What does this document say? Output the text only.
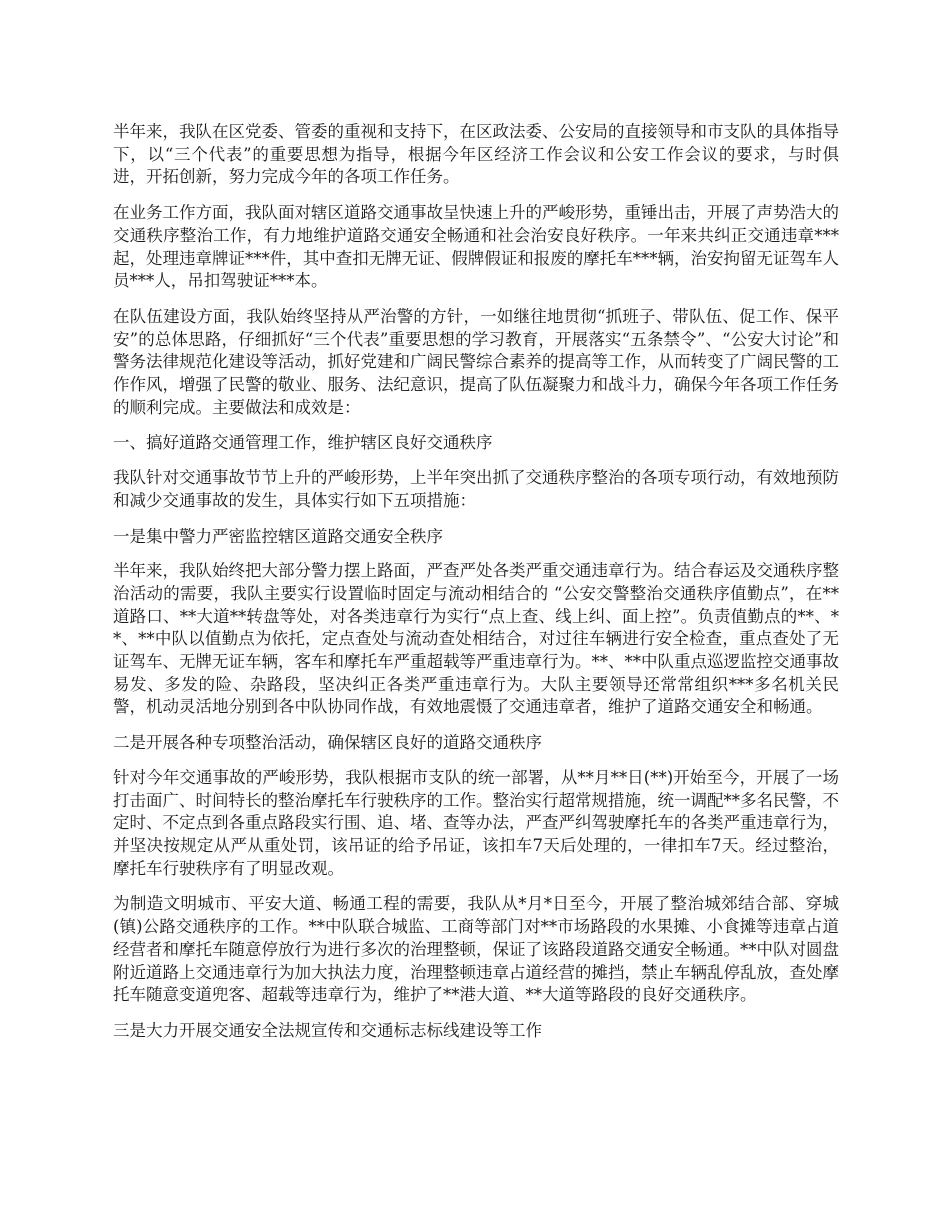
半年来，我队在区党委、管委的重视和支持下，在区政法委、公安局的直接领导和市支队的具体指导下，以“三个代表”的重要思想为指导，根据今年区经济工作会议和公安工作会议的要求，与时俱进，开拓创新，努力完成今年的各项工作任务。

在业务工作方面，我队面对辖区道路交通事故呈快速上升的严峻形势，重锤出击，开展了声势浩大的交通秩序整治工作，有力地维护道路交通安全畅通和社会治安良好秩序。一年来共纠正交通违章***起，处理违章牌证***件，其中查扣无牌无证、假牌假证和报废的摩托车***辆，治安拘留无证驾车人员***人，吊扣驾驶证***本。

在队伍建设方面，我队始终坚持从严治警的方针，一如继往地贯彻“抓班子、带队伍、促工作、保平安”的总体思路，仔细抓好“三个代表”重要思想的学习教育，开展落实“五条禁令”、“公安大讨论”和警务法律规范化建设等活动，抓好党建和广阔民警综合素养的提高等工作，从而转变了广阔民警的工作作风，增强了民警的敬业、服务、法纪意识，提高了队伍凝聚力和战斗力，确保今年各项工作任务的顺利完成。主要做法和成效是：

一、搞好道路交通管理工作，维护辖区良好交通秩序

我队针对交通事故节节上升的严峻形势，上半年突出抓了交通秩序整治的各项专项行动，有效地预防和减少交通事故的发生，具体实行如下五项措施：

一是集中警力严密监控辖区道路交通安全秩序

半年来，我队始终把大部分警力摆上路面，严查严处各类严重交通违章行为。结合春运及交通秩序整治活动的需要，我队主要实行设置临时固定与流动相结合的 “公安交警整治交通秩序值勤点”，在**道路口、**大道**转盘等处，对各类违章行为实行“点上查、线上纠、面上控”。负责值勤点的**、**、**中队以值勤点为依托，定点查处与流动查处相结合，对过往车辆进行安全检查，重点查处了无证驾车、无牌无证车辆，客车和摩托车严重超载等严重违章行为。**、**中队重点巡逻监控交通事故易发、多发的险、杂路段，坚决纠正各类严重违章行为。大队主要领导还常常组织***多名机关民警，机动灵活地分别到各中队协同作战，有效地震慑了交通违章者，维护了道路交通安全和畅通。

二是开展各种专项整治活动，确保辖区良好的道路交通秩序

针对今年交通事故的严峻形势，我队根据市支队的统一部署，从**月**日(**)开始至今，开展了一场打击面广、时间特长的整治摩托车行驶秩序的工作。整治实行超常规措施，统一调配**多名民警，不定时、不定点到各重点路段实行围、追、堵、查等办法，严查严纠驾驶摩托车的各类严重违章行为，并坚决按规定从严从重处罚，该吊证的给予吊证，该扣车7天后处理的，一律扣车7天。经过整治，摩托车行驶秩序有了明显改观。

为制造文明城市、平安大道、畅通工程的需要，我队从*月*日至今，开展了整治城郊结合部、穿城(镇)公路交通秩序的工作。**中队联合城监、工商等部门对**市场路段的水果摊、小食摊等违章占道经营者和摩托车随意停放行为进行多次的治理整顿，保证了该路段道路交通安全畅通。**中队对圆盘附近道路上交通违章行为加大执法力度，治理整顿违章占道经营的摊挡，禁止车辆乱停乱放，查处摩托车随意变道兜客、超载等违章行为，维护了**港大道、**大道等路段的良好交通秩序。

三是大力开展交通安全法规宣传和交通标志标线建设等工作
